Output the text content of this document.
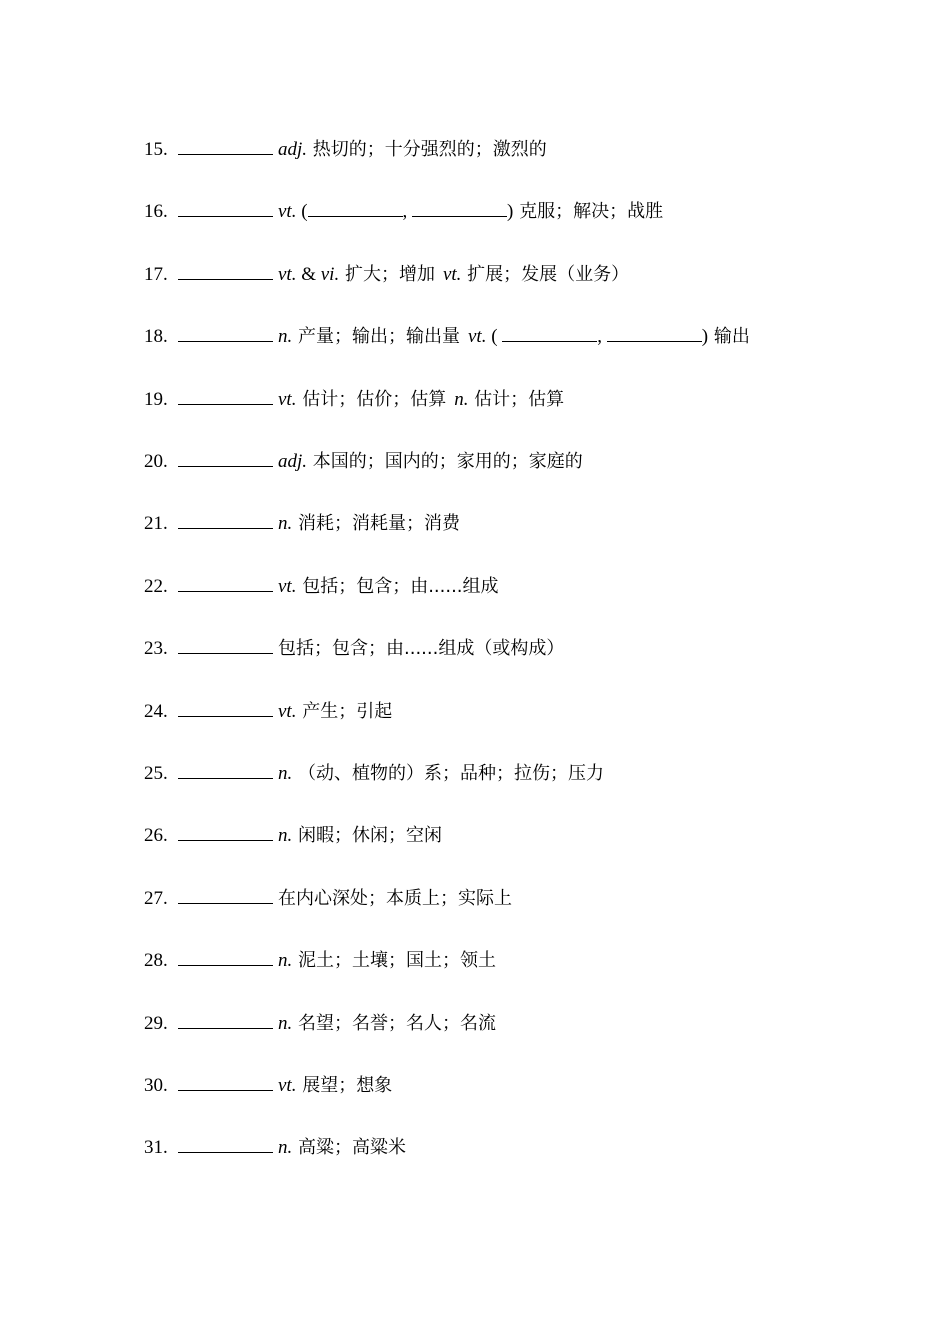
15.	adj. 热切的；十分强烈的；激烈的
16.	vt. (	,	) 克服；解决；战胜
17.	vt. & vi. 扩大；增加 vt. 扩展；发展（业务）
18.	n. 产量；输出；输出量 vt. (	,	) 输出
19.	vt. 估计；估价；估算 n. 估计；估算
20.	adj. 本国的；国内的；家用的；家庭的
21.	n. 消耗；消耗量；消费
22.	vt. 包括；包含；由......组成
23.	包括；包含；由......组成（或构成）
24.	vt. 产生；引起
25.	n. （动、植物的）系；品种；拉伤；压力
26.	n. 闲暇；休闲；空闲
27.	在内心深处；本质上；实际上
28.	n. 泥土；土壤；国土；领土
29.	n. 名望；名誉；名人；名流
30.	vt. 展望；想象
31.	n. 高粱；高粱米
